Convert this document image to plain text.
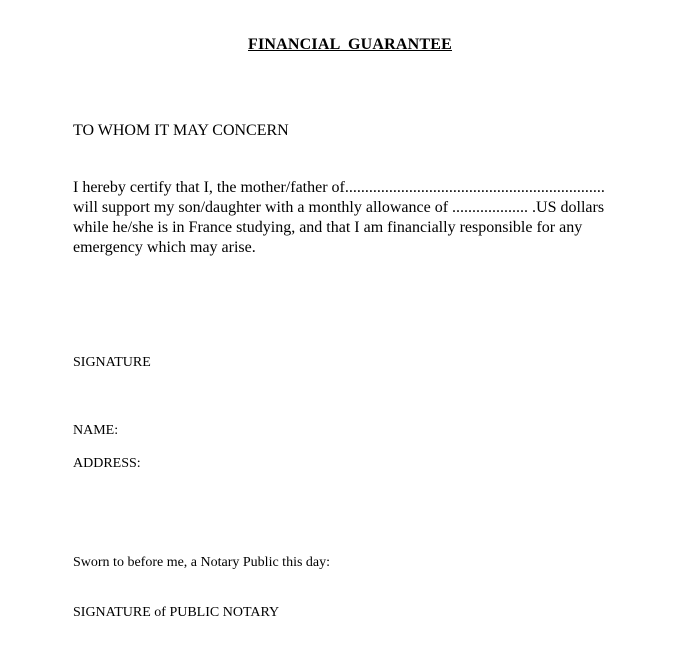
FINANCIAL  GUARANTEE
TO WHOM IT MAY CONCERN
I hereby certify that I, the mother/father of.................................................................
will support my son/daughter with a monthly allowance of ................... .US dollars
while he/she is in France studying, and that I am financially responsible for any
emergency which may arise.
SIGNATURE
NAME:
ADDRESS:
Sworn to before me, a Notary Public this day:
SIGNATURE of PUBLIC NOTARY
